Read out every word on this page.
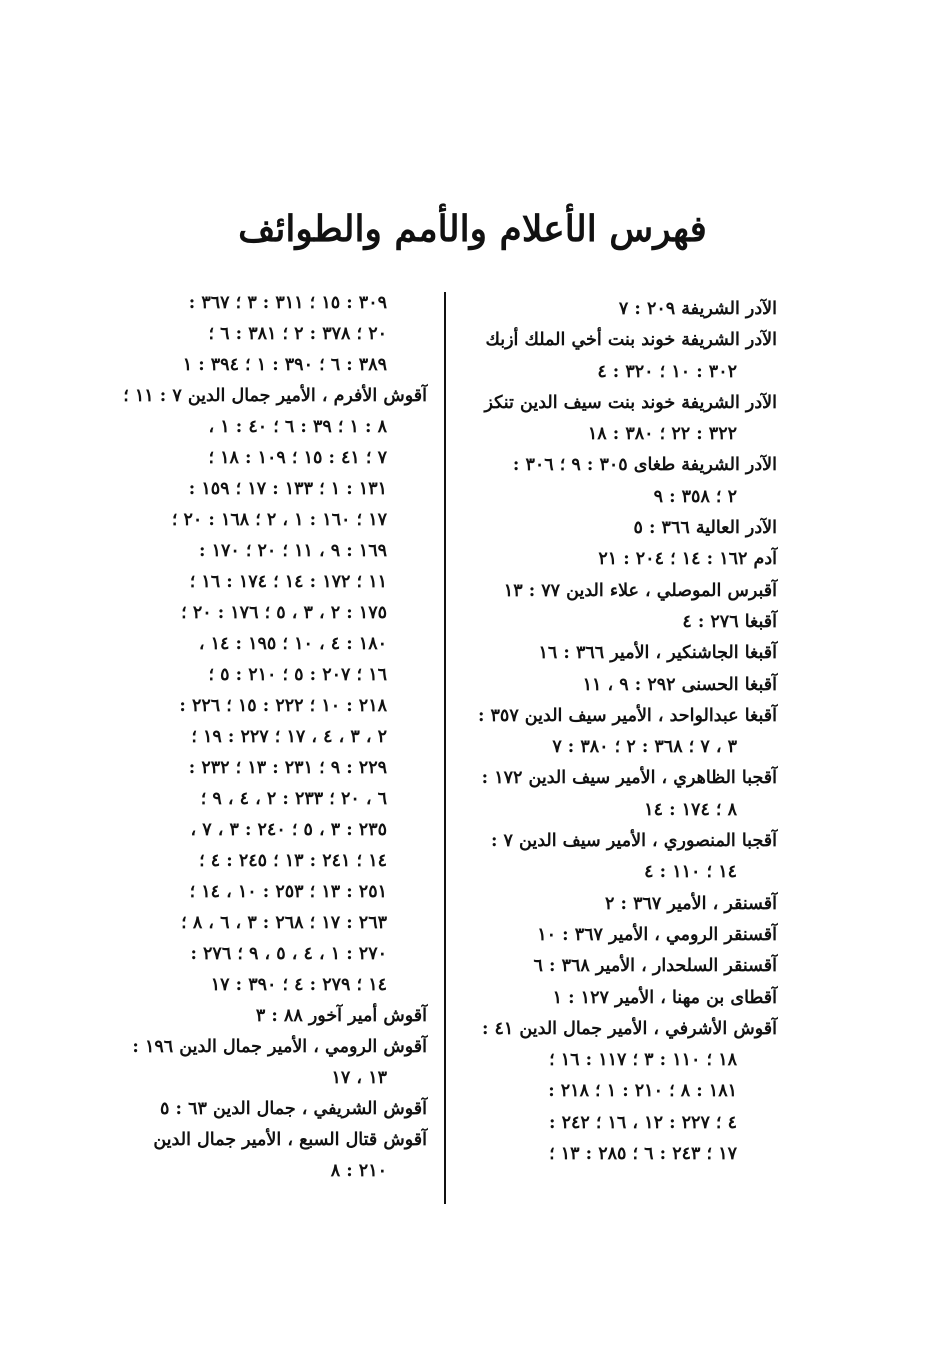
فهرس الأعلام والأمم والطوائف
الآدر الشريفة ٢٠٩ : ٧
الآدر الشريفة خوند بنت أخي الملك أزبك
٣٠٢ : ١٠ ؛ ٣٢٠ : ٤
الآدر الشريفة خوند بنت سيف الدين تنكز
٣٢٢ : ٢٢ ؛ ٣٨٠ : ١٨
الآدر الشريفة طغاى ٣٠٥ : ٩ ؛ ٣٠٦ :
٢ ؛ ٣٥٨ : ٩
الآدر العالية ٣٦٦ : ٥
آدم ١٦٢ : ١٤ ؛ ٢٠٤ : ٢١
آقبرس الموصلي ، علاء الدين ٧٧ : ١٣
آقبغا ٢٧٦ : ٤
آقبغا الجاشنكير ، الأمير ٣٦٦ : ١٦
آقبغا الحسنى ٢٩٢ : ٩ ، ١١
آقبغا عبدالواحد ، الأمير سيف الدين ٣٥٧ :
٣ ، ٧ ؛ ٣٦٨ : ٢ ؛ ٣٨٠ : ٧
آقجبا الظاهري ، الأمير سيف الدين ١٧٢ :
٨ ؛ ١٧٤ : ١٤
آقجبا المنصوري ، الأمير سيف الدين ٧ :
١٤ ؛ ١١٠ : ٤
آقسنقر ، الأمير ٣٦٧ : ٢
آقسنقر الرومي ، الأمير ٣٦٧ : ١٠
آقسنقر السلحدار ، الأمير ٣٦٨ : ٦
آقطاى بن مهنا ، الأمير ١٢٧ : ١
آقوش الأشرفي ، الأمير جمال الدين ٤١ :
١٨ ؛ ١١٠ : ٣ ؛ ١١٧ : ١٦ ؛
١٨١ : ٨ ؛ ٢١٠ : ١ ؛ ٢١٨ :
٤ ؛ ٢٢٧ : ١٢ ، ١٦ ؛ ٢٤٢ :
١٧ ؛ ٢٤٣ : ٦ ؛ ٢٨٥ : ١٣ ؛
٣٠٩ : ١٥ ؛ ٣١١ : ٣ ؛ ٣٦٧ :
٢٠ ؛ ٣٧٨ : ٢ ؛ ٣٨١ : ٦ ؛
٣٨٩ : ٦ ؛ ٣٩٠ : ١ ؛ ٣٩٤ : ١
آقوش الأفرم ، الأمير جمال الدين ٧ : ١١ ؛
٨ : ١ ؛ ٣٩ : ٦ ؛ ٤٠ : ١ ،
٧ ؛ ٤١ : ١٥ ؛ ١٠٩ : ١٨ ؛
١٣١ : ١ ؛ ١٣٣ : ١٧ ؛ ١٥٩ :
١٧ ؛ ١٦٠ : ١ ، ٢ ؛ ١٦٨ : ٢٠ ؛
١٦٩ : ٩ ، ١١ ؛ ٢٠ ؛ ١٧٠ :
١١ ؛ ١٧٢ : ١٤ ؛ ١٧٤ : ١٦ ؛
١٧٥ : ٢ ، ٣ ، ٥ ؛ ١٧٦ : ٢٠ ؛
١٨٠ : ٤ ، ١٠ ؛ ١٩٥ : ١٤ ،
١٦ ؛ ٢٠٧ : ٥ ؛ ٢١٠ : ٥ ؛
٢١٨ : ١٠ ؛ ٢٢٢ : ١٥ ؛ ٢٢٦ :
٢ ، ٣ ، ٤ ، ١٧ ؛ ٢٢٧ : ١٩ ؛
٢٢٩ : ٩ ؛ ٢٣١ : ١٣ ؛ ٢٣٢ :
٦ ، ٢٠ ؛ ٢٣٣ : ٢ ، ٤ ، ٩ ؛
٢٣٥ : ٣ ، ٥ ؛ ٢٤٠ : ٣ ، ٧ ،
١٤ ؛ ٢٤١ : ١٣ ؛ ٢٤٥ : ٤ ؛
٢٥١ : ١٣ ؛ ٢٥٣ : ١٠ ، ١٤ ؛
٢٦٣ : ١٧ ؛ ٢٦٨ : ٣ ، ٦ ، ٨ ؛
٢٧٠ : ١ ، ٤ ، ٥ ، ٩ ؛ ٢٧٦ :
١٤ ؛ ٢٧٩ : ٤ ؛ ٣٩٠ : ١٧
آقوش أمير آخور ٨٨ : ٣
آقوش الرومي ، الأمير جمال الدين ١٩٦ :
١٣ ، ١٧
آقوش الشريفي ، جمال الدين ٦٣ : ٥
آقوش قتال السبع ، الأمير جمال الدين
٢١٠ : ٨
